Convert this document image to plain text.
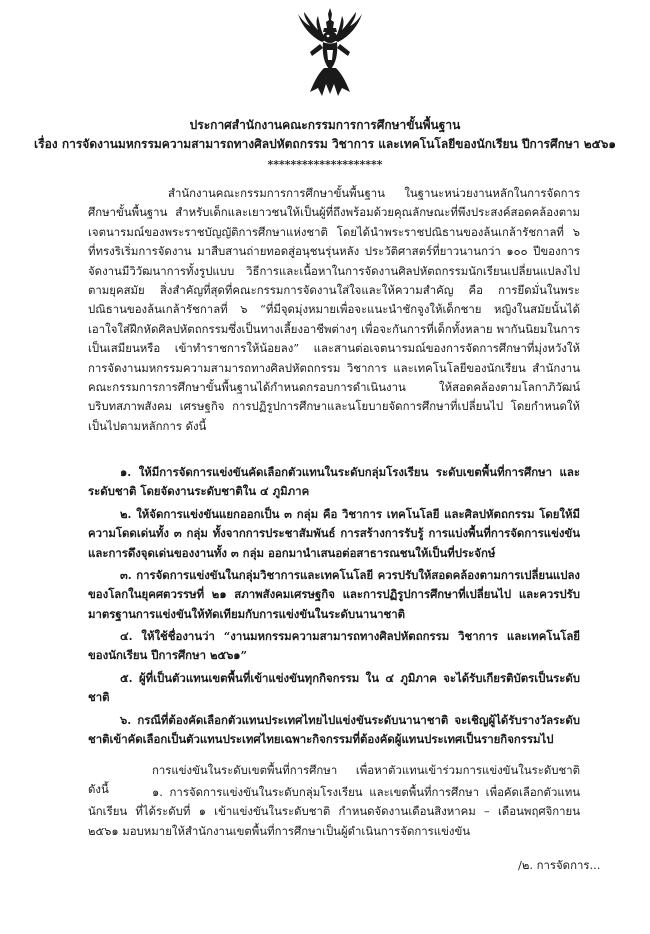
ประกาศสำนักงานคณะกรรมการการศึกษาขั้นพื้นฐาน
เรื่อง การจัดงานมหกรรมความสามารถทางศิลปหัตถกรรม วิชาการ และเทคโนโลยีของนักเรียน ปีการศึกษา ๒๕๖๑
********************
สำนักงานคณะกรรมการการศึกษาขั้นพื้นฐาน ในฐานะหน่วยงานหลักในการจัดการศึกษาขั้นพื้นฐาน สำหรับเด็กและเยาวชนให้เป็นผู้ที่ถึงพร้อมด้วยคุณลักษณะที่พึงประสงค์สอดคล้องตามเจตนารมณ์ของพระราชบัญญัติการศึกษาแห่งชาติ โดยได้นำพระราชปณิธานของล้นเกล้ารัชกาลที่ ๖ ที่ทรงริเริ่มการจัดงาน มาสืบสานถ่ายทอดสู่อนุชนรุ่นหลัง ประวัติศาสตร์ที่ยาวนานกว่า ๑๐๐ ปีของการจัดงานมีวิวัฒนาการทั้งรูปแบบ วิธีการและเนื้อหาในการจัดงานศิลปหัตถกรรมนักเรียนเปลี่ยนแปลงไปตามยุคสมัย สิ่งสำคัญที่สุดที่คณะกรรมการจัดงานใส่ใจและให้ความสำคัญ คือ การยึดมั่นในพระปณิธานของล้นเกล้ารัชกาลที่ ๖ “ที่มีจุดมุ่งหมายเพื่อจะแนะนำชักจูงให้เด็กชาย หญิงในสมัยนั้นได้เอาใจใส่ฝึกหัดศิลปหัตถกรรมซึ่งเป็นทางเลี้ยงอาชีพต่างๆ เพื่อจะกันการที่เด็กทั้งหลาย พากันนิยมในการเป็นเสมียนหรือ เข้าทำราชการให้น้อยลง” และสานต่อเจตนารมณ์ของการจัดการศึกษาที่มุ่งหวังให้ การจัดงานมหกรรมความสามารถทางศิลปหัตถกรรม วิชาการ และเทคโนโลยีของนักเรียน สำนักงานคณะกรรมการการศึกษาขั้นพื้นฐานได้กำหนดกรอบการดำเนินงาน ให้สอดคล้องตามโลกาภิวัฒน์ บริบทสภาพสังคม เศรษฐกิจ การปฏิรูปการศึกษาและนโยบายจัดการศึกษาที่เปลี่ยนไป โดยกำหนดให้เป็นไปตามหลักการ ดังนี้
๑. ให้มีการจัดการแข่งขันคัดเลือกตัวแทนในระดับกลุ่มโรงเรียน ระดับเขตพื้นที่การศึกษา และระดับชาติ โดยจัดงานระดับชาติใน ๔ ภูมิภาค
๒. ให้จัดการแข่งขันแยกออกเป็น ๓ กลุ่ม คือ วิชาการ เทคโนโลยี และศิลปหัตถกรรม โดยให้มีความโดดเด่นทั้ง ๓ กลุ่ม ทั้งจากการประชาสัมพันธ์ การสร้างการรับรู้ การแบ่งพื้นที่การจัดการแข่งขัน และการดึงจุดเด่นของงานทั้ง ๓ กลุ่ม ออกมานำเสนอต่อสาธารณชนให้เป็นที่ประจักษ์
๓. การจัดการแข่งขันในกลุ่มวิชาการและเทคโนโลยี ควรปรับให้สอดคล้องตามการเปลี่ยนแปลงของโลกในยุคศตวรรษที่ ๒๑ สภาพสังคมเศรษฐกิจ และการปฏิรูปการศึกษาที่เปลี่ยนไป และควรปรับมาตรฐานการแข่งขันให้ทัดเทียมกับการแข่งขันในระดับนานาชาติ
๔. ให้ใช้ชื่องานว่า “งานมหกรรมความสามารถทางศิลปหัตถกรรม วิชาการ และเทคโนโลยีของนักเรียน ปีการศึกษา ๒๕๖๑”
๕. ผู้ที่เป็นตัวแทนเขตพื้นที่เข้าแข่งขันทุกกิจกรรม ใน ๔ ภูมิภาค จะได้รับเกียรติบัตรเป็นระดับชาติ
๖. กรณีที่ต้องคัดเลือกตัวแทนประเทศไทยไปแข่งขันระดับนานาชาติ จะเชิญผู้ได้รับรางวัลระดับชาติเข้าคัดเลือกเป็นตัวแทนประเทศไทยเฉพาะกิจกรรมที่ต้องคัดผู้แทนประเทศเป็นรายกิจกรรมไป
การแข่งขันในระดับเขตพื้นที่การศึกษา เพื่อหาตัวแทนเข้าร่วมการแข่งขันในระดับชาติ ดังนี้	๑. การจัดการแข่งขันในระดับกลุ่มโรงเรียน และเขตพื้นที่การศึกษา เพื่อคัดเลือกตัวแทนนักเรียน ที่ได้ระดับที่ ๑ เข้าแข่งขันในระดับชาติ กำหนดจัดงานเดือนสิงหาคม – เดือนพฤศจิกายน ๒๕๖๑ มอบหมายให้สำนักงานเขตพื้นที่การศึกษาเป็นผู้ดำเนินการจัดการแข่งขัน
/๒. การจัดการ...
